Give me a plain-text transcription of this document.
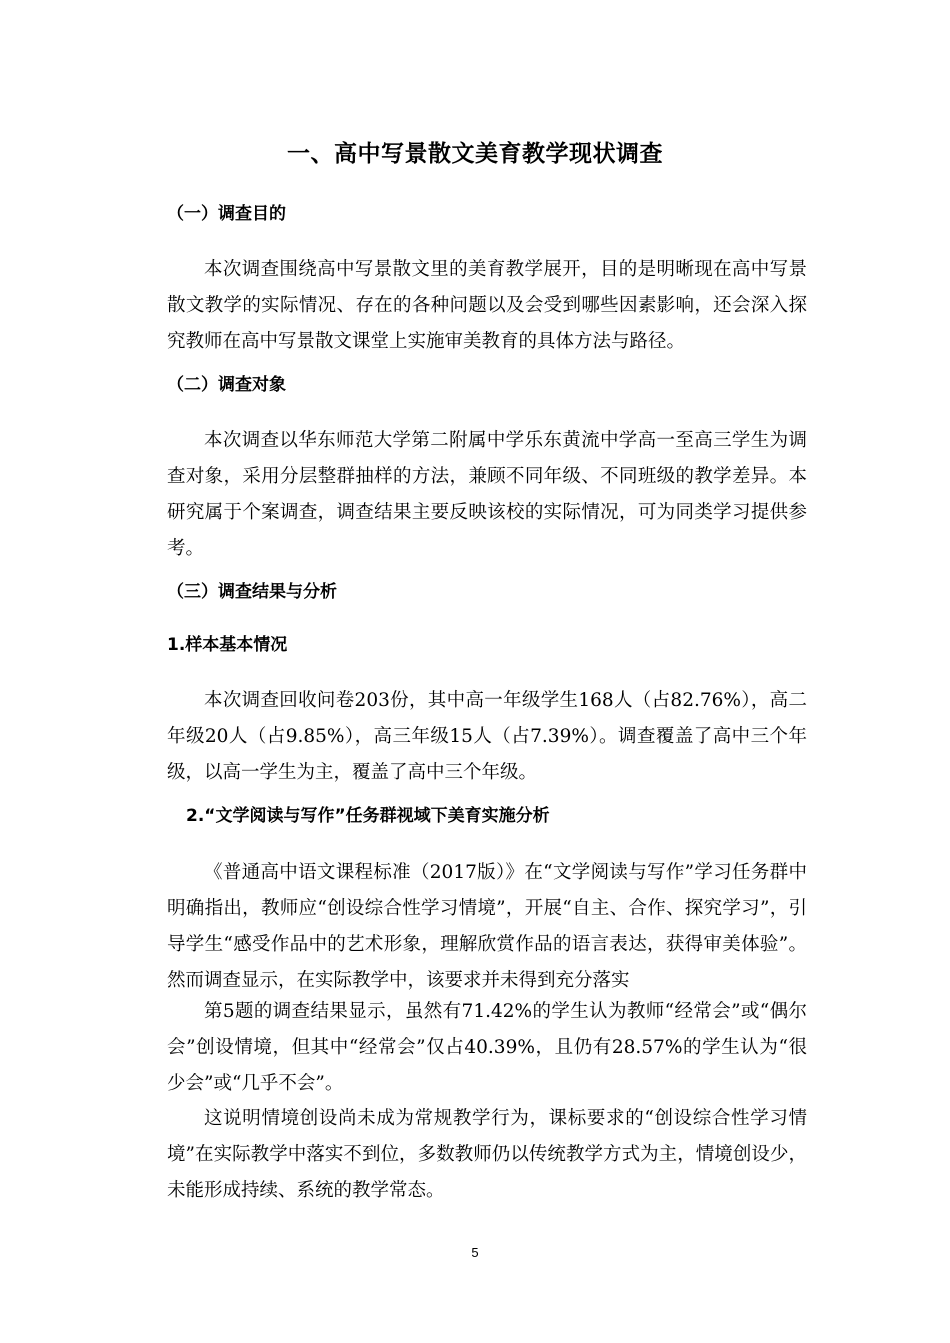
一、高中写景散文美育教学现状调查
（一）调查目的

本次调查围绕高中写景散文里的美育教学展开，目的是明晰现在高中写景散文教学的实际情况、存在的各种问题以及会受到哪些因素影响，还会深入探究教师在高中写景散文课堂上实施审美教育的具体方法与路径。

（二）调查对象

本次调查以华东师范大学第二附属中学乐东黄流中学高一至高三学生为调查对象，采用分层整群抽样的方法，兼顾不同年级、不同班级的教学差异。本研究属于个案调查，调查结果主要反映该校的实际情况，可为同类学习提供参考。

（三）调查结果与分析
1.样本基本情况

本次调查回收问卷203份，其中高一年级学生168人（占82.76%），高二年级20人（占9.85%），高三年级15人（占7.39%）。调查覆盖了高中三个年级，以高一学生为主，覆盖了高中三个年级。

2.“文学阅读与写作”任务群视域下美育实施分析

《普通高中语文课程标准（2017版）》在“文学阅读与写作”学习任务群中明确指出，教师应“创设综合性学习情境”，开展“自主、合作、探究学习”，引导学生“感受作品中的艺术形象，理解欣赏作品的语言表达，获得审美体验”。然而调查显示，在实际教学中，该要求并未得到充分落实

第5题的调查结果显示，虽然有71.42%的学生认为教师“经常会”或“偶尔会”创设情境，但其中“经常会”仅占40.39%，且仍有28.57%的学生认为“很少会”或“几乎不会”。

这说明情境创设尚未成为常规教学行为，课标要求的“创设综合性学习情境”在实际教学中落实不到位，多数教师仍以传统教学方式为主，情境创设少，未能形成持续、系统的教学常态。

5
